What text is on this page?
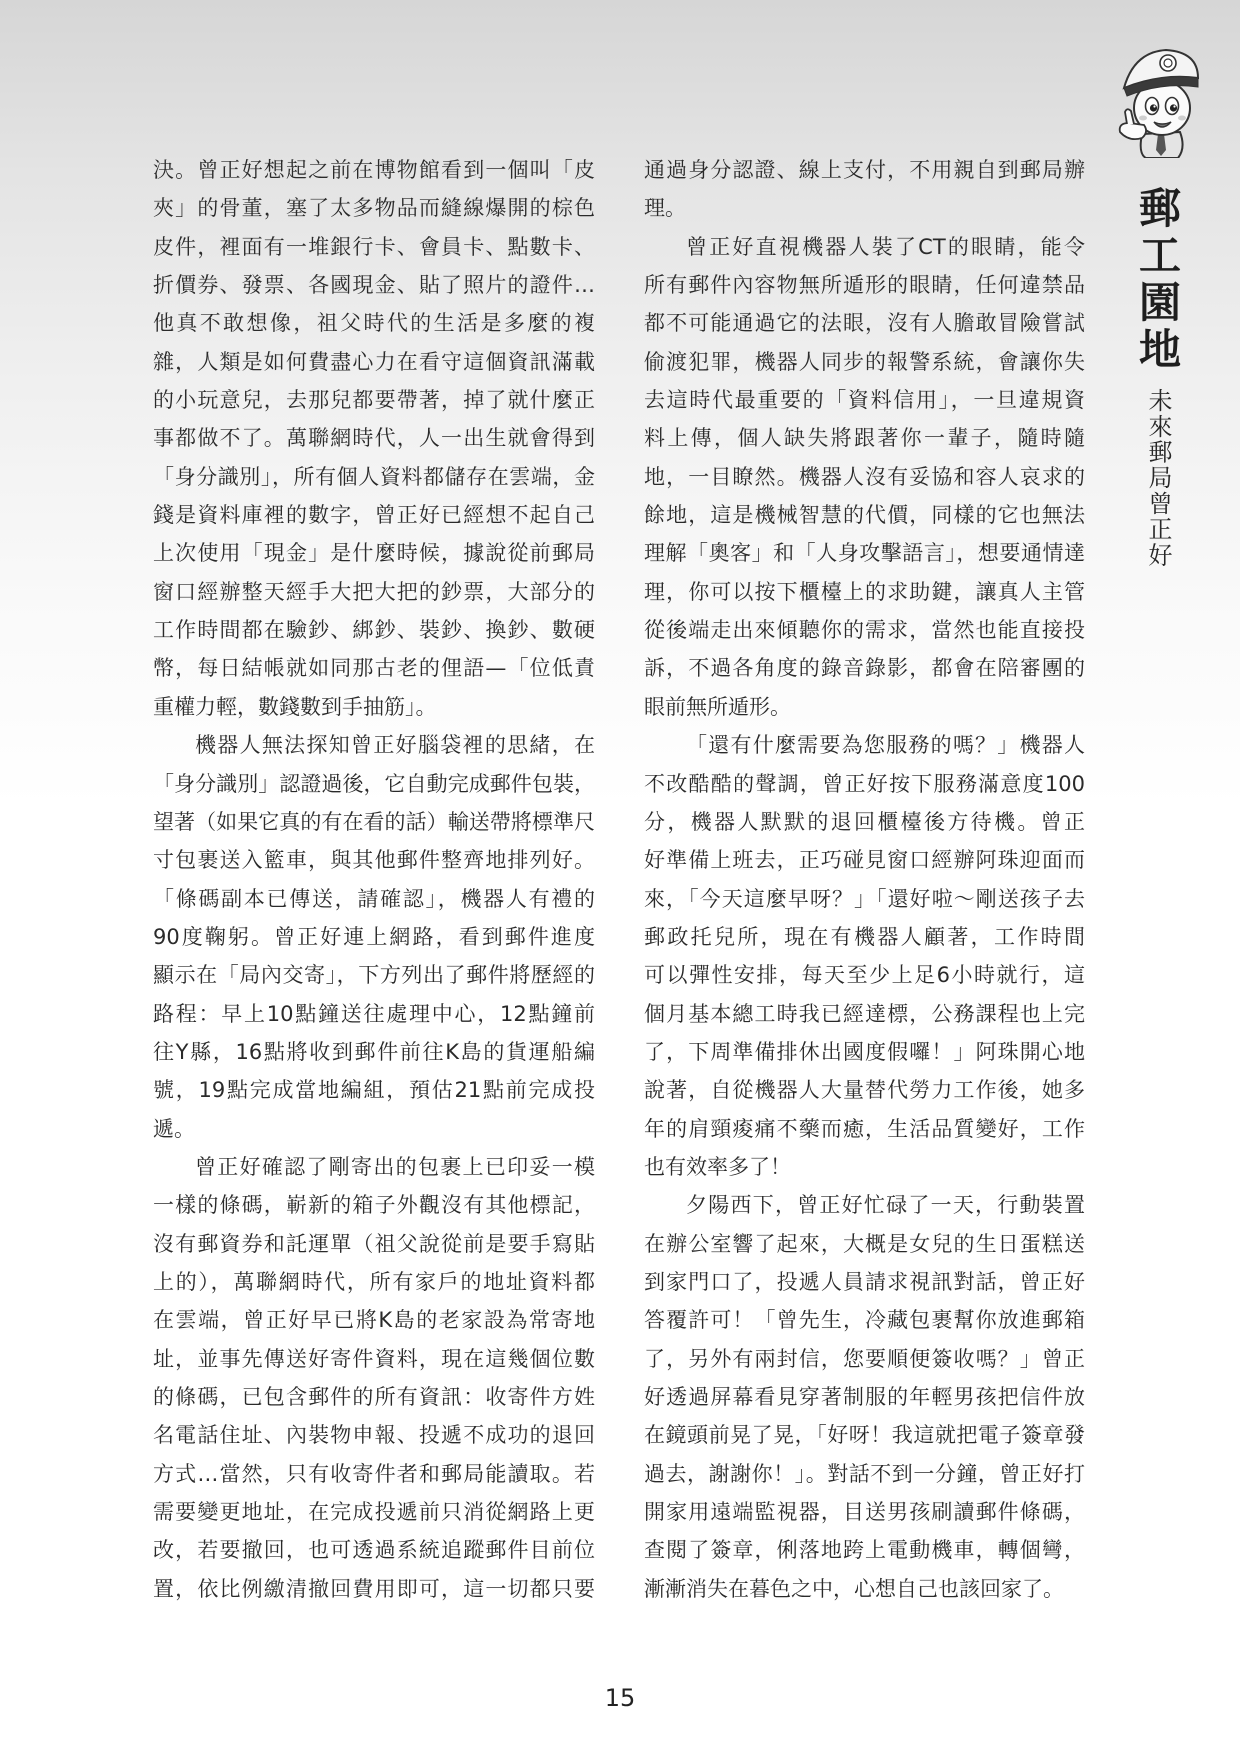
郵工園地
未來郵局曾正好
決。曾正好想起之前在博物館看到一個叫「皮
夾」的骨董，塞了太多物品而縫線爆開的棕色
皮件，裡面有一堆銀行卡、會員卡、點數卡、
折價券、發票、各國現金、貼了照片的證件…
他真不敢想像，祖父時代的生活是多麼的複
雜，人類是如何費盡心力在看守這個資訊滿載
的小玩意兒，去那兒都要帶著，掉了就什麼正
事都做不了。萬聯網時代，人一出生就會得到
「身分識別」，所有個人資料都儲存在雲端，金
錢是資料庫裡的數字，曾正好已經想不起自己
上次使用「現金」是什麼時候，據說從前郵局
窗口經辦整天經手大把大把的鈔票，大部分的
工作時間都在驗鈔、綁鈔、裝鈔、換鈔、數硬
幣，每日結帳就如同那古老的俚語—「位低責
重權力輕，數錢數到手抽筋」。
機器人無法探知曾正好腦袋裡的思緒，在
「身分識別」認證過後，它自動完成郵件包裝，
望著（如果它真的有在看的話）輸送帶將標準尺
寸包裹送入籃車，與其他郵件整齊地排列好。
「條碼副本已傳送，請確認」，機器人有禮的
90度鞠躬。曾正好連上網路，看到郵件進度
顯示在「局內交寄」，下方列出了郵件將歷經的
路程：早上10點鐘送往處理中心，12點鐘前
往Y縣，16點將收到郵件前往K島的貨運船編
號，19點完成當地編組，預估21點前完成投
遞。
曾正好確認了剛寄出的包裹上已印妥一模
一樣的條碼，嶄新的箱子外觀沒有其他標記，
沒有郵資券和託運單（祖父說從前是要手寫貼
上的），萬聯網時代，所有家戶的地址資料都
在雲端，曾正好早已將K島的老家設為常寄地
址，並事先傳送好寄件資料，現在這幾個位數
的條碼，已包含郵件的所有資訊：收寄件方姓
名電話住址、內裝物申報、投遞不成功的退回
方式…當然，只有收寄件者和郵局能讀取。若
需要變更地址，在完成投遞前只消從網路上更
改，若要撤回，也可透過系統追蹤郵件目前位
置，依比例繳清撤回費用即可，這一切都只要
通過身分認證、線上支付，不用親自到郵局辦
理。
曾正好直視機器人裝了CT的眼睛，能令
所有郵件內容物無所遁形的眼睛，任何違禁品
都不可能通過它的法眼，沒有人膽敢冒險嘗試
偷渡犯罪，機器人同步的報警系統，會讓你失
去這時代最重要的「資料信用」，一旦違規資
料上傳，個人缺失將跟著你一輩子，隨時隨
地，一目瞭然。機器人沒有妥協和容人哀求的
餘地，這是機械智慧的代價，同樣的它也無法
理解「奧客」和「人身攻擊語言」，想要通情達
理，你可以按下櫃檯上的求助鍵，讓真人主管
從後端走出來傾聽你的需求，當然也能直接投
訴，不過各角度的錄音錄影，都會在陪審團的
眼前無所遁形。
「還有什麼需要為您服務的嗎？」機器人
不改酷酷的聲調，曾正好按下服務滿意度100
分，機器人默默的退回櫃檯後方待機。曾正
好準備上班去，正巧碰見窗口經辦阿珠迎面而
來，「今天這麼早呀？」「還好啦～剛送孩子去
郵政托兒所，現在有機器人顧著，工作時間
可以彈性安排，每天至少上足6小時就行，這
個月基本總工時我已經達標，公務課程也上完
了，下周準備排休出國度假囉！」阿珠開心地
說著，自從機器人大量替代勞力工作後，她多
年的肩頸痠痛不藥而癒，生活品質變好，工作
也有效率多了！
夕陽西下，曾正好忙碌了一天，行動裝置
在辦公室響了起來，大概是女兒的生日蛋糕送
到家門口了，投遞人員請求視訊對話，曾正好
答覆許可！「曾先生，冷藏包裹幫你放進郵箱
了，另外有兩封信，您要順便簽收嗎？」曾正
好透過屏幕看見穿著制服的年輕男孩把信件放
在鏡頭前晃了晃，「好呀！我這就把電子簽章發
過去，謝謝你！」。對話不到一分鐘，曾正好打
開家用遠端監視器，目送男孩刷讀郵件條碼，
查閱了簽章，俐落地跨上電動機車，轉個彎，
漸漸消失在暮色之中，心想自己也該回家了。
15
